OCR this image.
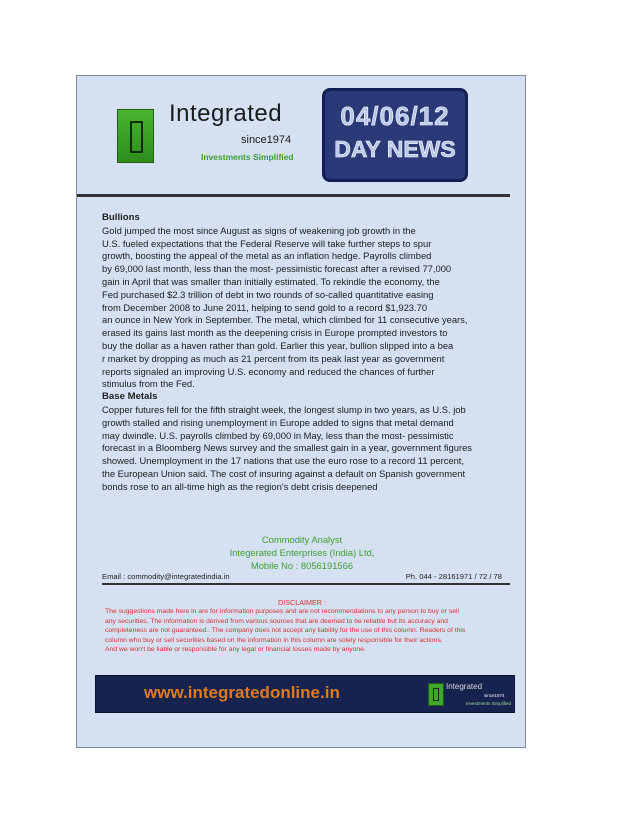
Integrated
since1974
Investments Simplified
04/06/12
DAY NEWS
Bullions

Gold jumped the most since August as signs of weakening job growth in the

U.S. fueled expectations that the Federal Reserve will take further steps to spur

growth, boosting the appeal of the metal as an inflation hedge. Payrolls climbed

by 69,000 last month, less than the most- pessimistic forecast after a revised 77,000

gain in April that was smaller than initially estimated. To rekindle the economy, the

Fed purchased $2.3 trillion of debt in two rounds of so-called quantitative easing

from December 2008 to June 2011, helping to send gold to a record $1,923.70

an ounce in New York in September. The metal, which climbed for 11 consecutive years,

erased its gains last month as the deepening crisis in Europe prompted investors to

buy the dollar as a haven rather than gold. Earlier this year, bullion slipped into a bea

r market by dropping as much as 21 percent from its peak last year as government

reports signaled an improving U.S. economy and reduced the chances of further

stimulus from the Fed.

Base Metals

Copper futures fell for the fifth straight week, the longest slump in two years, as U.S. job

growth stalled and rising unemployment in Europe added to signs that metal demand

may dwindle. U.S. payrolls climbed by 69,000 in May, less than the most- pessimistic

forecast in a Bloomberg News survey and the smallest gain in a year, government figures

showed. Unemployment in the 17 nations that use the euro rose to a record 11 percent,

the European Union said. The cost of insuring against a default on Spanish government

bonds rose to an all-time high as the region’s debt crisis deepened

Commodity Analyst
Integerated Enterprises (India) Ltd,
Mobile No : 8056191566
Email : commodity@integratedindia.in	Ph. 044 - 28161971 / 72 / 78
DISCLAIMER :
The suggestions made here in are for information purposes and are not recommendations to any person to buy or sell
any securities. The information is derived from various sources that are deemed to be reliable but its accuracy and
completeness are not guaranteed.. The company does not accept any liability for the use of this column. Readers of this
column who buy or sell securities based on the information in this column are solely responsible for their actions.
And we won't be liable or responsible for any legal or financial losses made by anyone.
www.integratedonline.in	Integrated
since1974
Investments Simplified
